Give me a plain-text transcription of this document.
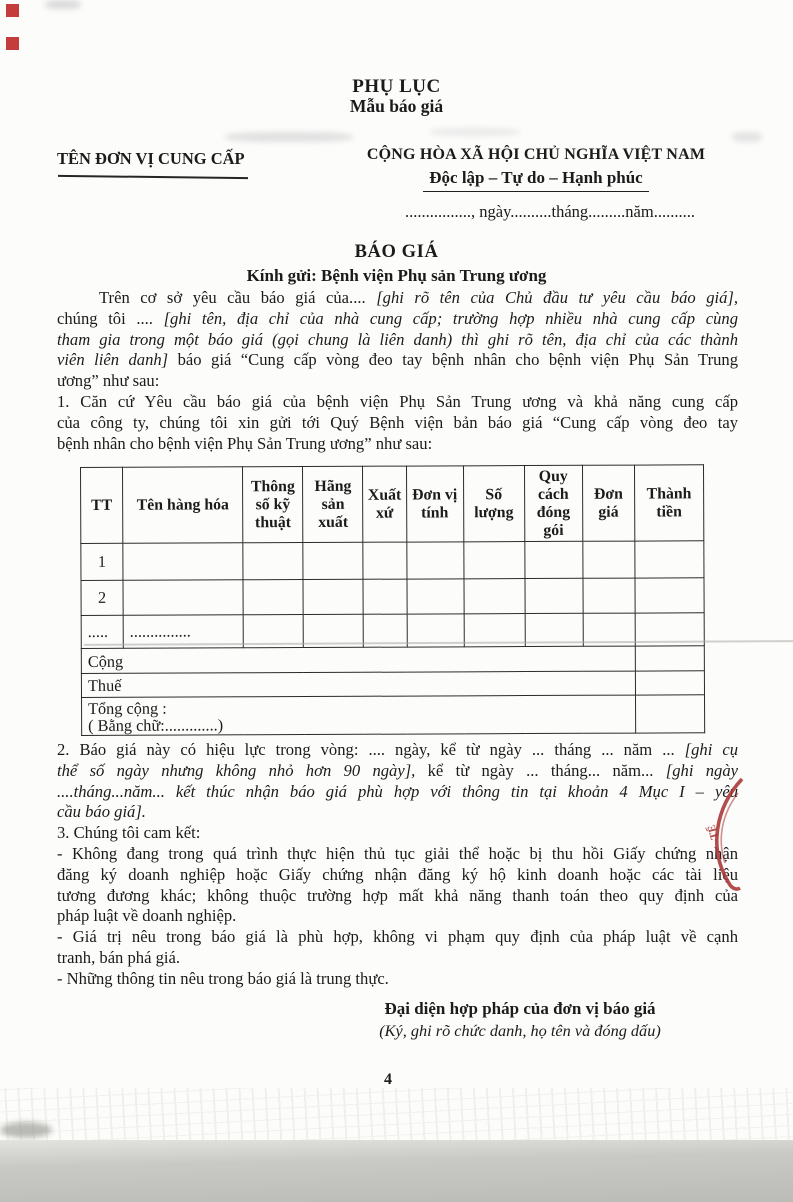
PHỤ LỤC
Mẫu báo giá
TÊN ĐƠN VỊ CUNG CẤP	CỘNG HÒA XÃ HỘI CHỦ NGHĨA VIỆT NAM
Độc lập – Tự do – Hạnh phúc
................, ngày..........tháng.........năm..........
BÁO GIÁ
Kính gửi: Bệnh viện Phụ sản Trung ương
Trên cơ sở yêu cầu báo giá của.... [ghi rõ tên của Chủ đầu tư yêu cầu báo giá],
chúng tôi .... [ghi tên, địa chỉ của nhà cung cấp; trường hợp nhiều nhà cung cấp cùng
tham gia trong một báo giá (gọi chung là liên danh) thì ghi rõ tên, địa chỉ của các thành
viên liên danh] báo giá “Cung cấp vòng đeo tay bệnh nhân cho bệnh viện Phụ Sản Trung
ương” như sau:
1. Căn cứ Yêu cầu báo giá của bệnh viện Phụ Sản Trung ương và khả năng cung cấp
của công ty, chúng tôi xin gửi tới Quý Bệnh viện bản báo giá “Cung cấp vòng đeo tay
bệnh nhân cho bệnh viện Phụ Sản Trung ương” như sau:
TT	Tên hàng hóa	Thông số kỹ thuật	Hãng sản xuất	Xuất xứ	Đơn vị tính	Số lượng	Quy cách đóng gói	Đơn giá	Thành tiền
1									
2									
.....	...............								

Cộng									

Thuế									

Tổng cộng :
( Bằng chữ:.............)									

2. Báo giá này có hiệu lực trong vòng: .... ngày, kể từ ngày ... tháng ... năm ... [ghi cụ
thể số ngày nhưng không nhỏ hơn 90 ngày], kể từ ngày ... tháng... năm... [ghi ngày
....tháng...năm... kết thúc nhận báo giá phù hợp với thông tin tại khoản 4 Mục I – yêu
cầu báo giá].
3. Chúng tôi cam kết:
- Không đang trong quá trình thực hiện thủ tục giải thể hoặc bị thu hồi Giấy chứng nhận
đăng ký doanh nghiệp hoặc Giấy chứng nhận đăng ký hộ kinh doanh hoặc các tài liệu
tương đương khác; không thuộc trường hợp mất khả năng thanh toán theo quy định của
pháp luật về doanh nghiệp.
- Giá trị nêu trong báo giá là phù hợp, không vi phạm quy định của pháp luật về cạnh
tranh, bán phá giá.
- Những thông tin nêu trong báo giá là trung thực.
Đại diện hợp pháp của đơn vị báo giá
(Ký, ghi rõ chức danh, họ tên và đóng dấu)
TẾ
4
